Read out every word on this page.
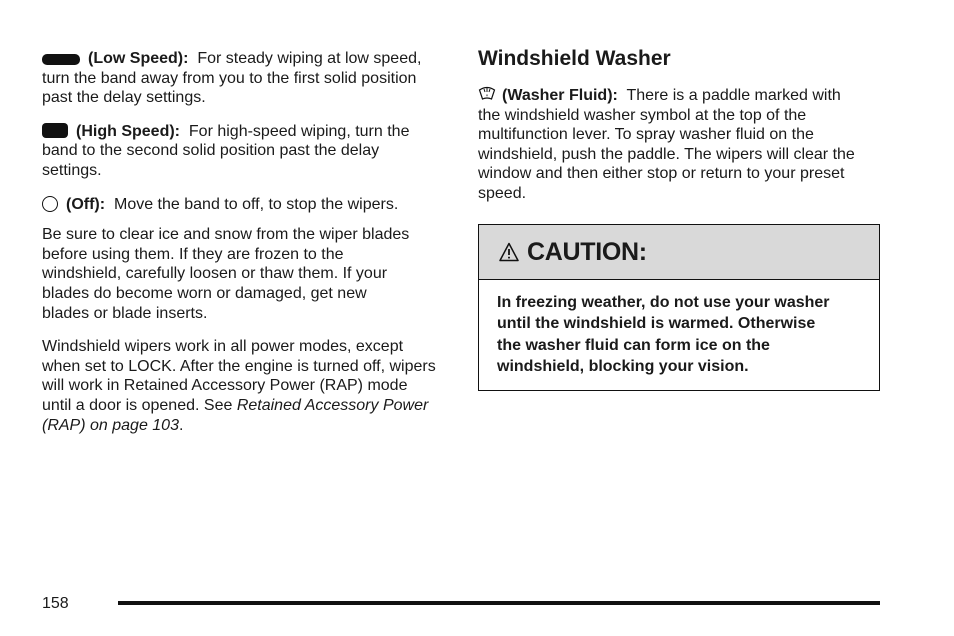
(Low Speed): For steady wiping at low speed, turn the band away from you to the first solid position past the delay settings.

(High Speed): For high-speed wiping, turn the band to the second solid position past the delay settings.

(Off): Move the band to off, to stop the wipers.

Be sure to clear ice and snow from the wiper blades before using them. If they are frozen to the windshield, carefully loosen or thaw them. If your blades do become worn or damaged, get new blades or blade inserts.

Windshield wipers work in all power modes, except when set to LOCK. After the engine is turned off, wipers will work in Retained Accessory Power (RAP) mode until a door is opened. See Retained Accessory Power (RAP) on page 103.

Windshield Washer

(Washer Fluid): There is a paddle marked with the windshield washer symbol at the top of the multifunction lever. To spray washer fluid on the windshield, push the paddle. The wipers will clear the window and then either stop or return to your preset speed.

CAUTION:

In freezing weather, do not use your washer until the windshield is warmed. Otherwise the washer fluid can form ice on the windshield, blocking your vision.

158
